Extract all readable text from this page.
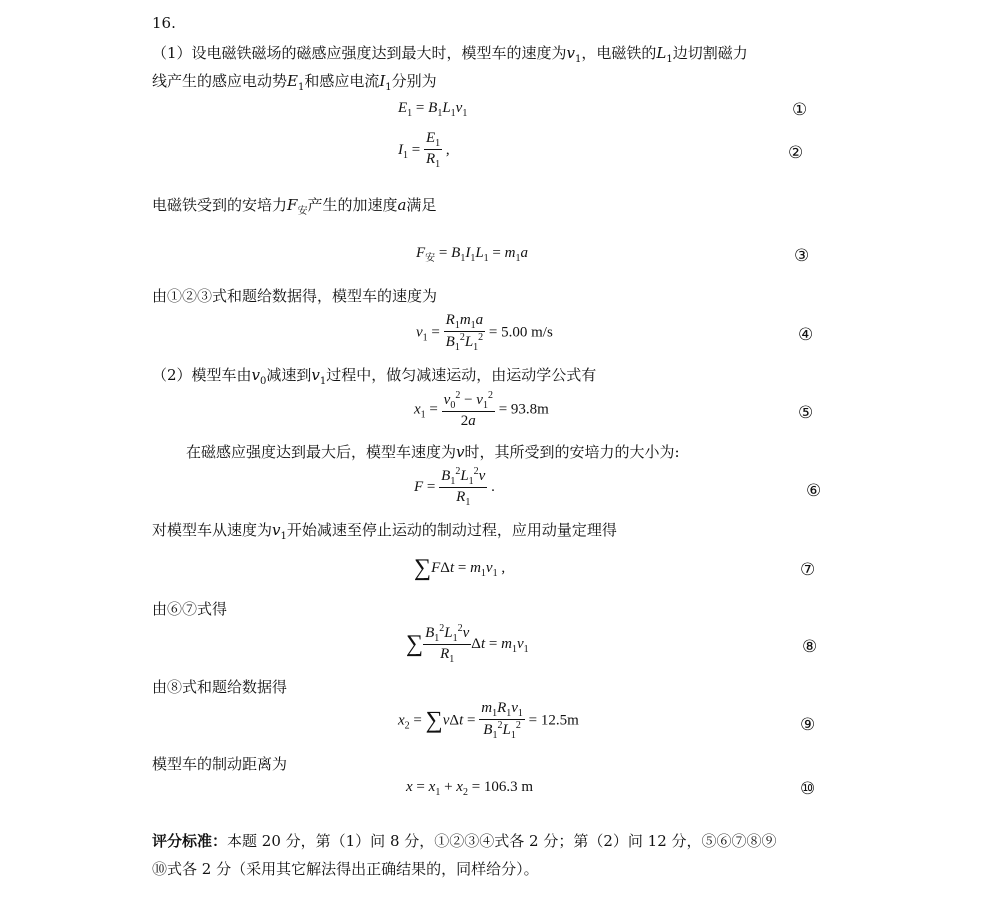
16.
（1）设电磁铁磁场的磁感应强度达到最大时，模型车的速度为$v_1$，电磁铁的$L_1$边切割磁力
线产生的感应电动势$E_1$和感应电流$I_1$分别为
$E_1 = B_1L_1v_1$	①
$I_1 = \frac{E_1}{R_1}$ ,	②
电磁铁受到的安培力$F_安$产生的加速度a满足
$F_安 = B_1I_1L_1 = m_1a$	③
由①②③式和题给数据得，模型车的速度为
$v_1 = \frac{R_1m_1a}{B_1^2L_1^2} = 5.00$ m/s	④
（2）模型车由$v_0$减速到$v_1$过程中，做匀减速运动，由运动学公式有
$x_1 = \frac{v_0^2 - v_1^2}{2a} = 93.8m$	⑤
在磁感应强度达到最大后，模型车速度为v时，其所受到的安培力的大小为:
$F = \frac{B_1^2L_1^2v}{R_1}$ .	⑥
对模型车从速度为$v_1$开始减速至停止运动的制动过程，应用动量定理得
$\sum F\Delta t = m_1v_1$ ,	⑦
由⑥⑦式得
∑ $\frac{B_1^2L_1^2v}{R_1}$ $\Delta t = m_1v_1$	⑧
由⑧式和题给数据得
$x_2 = \sum v\Delta t = \frac{m_1R_1v_1}{B_1^2L_1^2} = 12.5m$	⑨
模型车的制动距离为
$x = x_1 + x_2 = 106.3$ m	⑩
评分标准：本题 20 分，第（1）问 8 分，①②③④式各 2 分；第（2）问 12 分，⑤⑥⑦⑧⑨
⑩式各 2 分（采用其它解法得出正确结果的，同样给分）。
